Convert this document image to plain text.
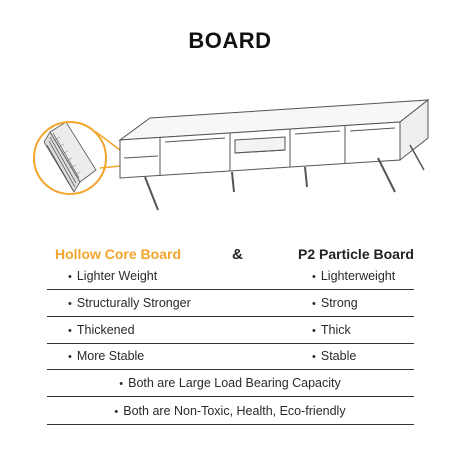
BOARD
Hollow Core Board	&	P2 Particle Board
• Lighter Weight	• Lighterweight
• Structurally Stronger	• Strong
• Thickened	• Thick
• More Stable	• Stable
• Both are Large Load Bearing Capacity
• Both are Non-Toxic, Health, Eco-friendly
